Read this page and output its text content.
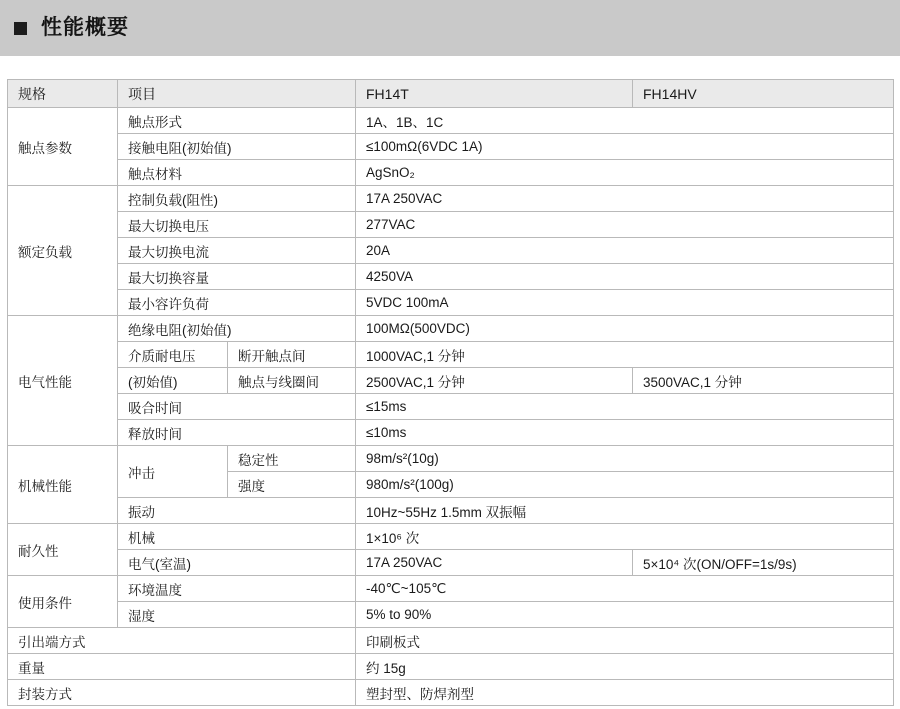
性能概要
规格	项目		FH14T	FH14HV
触点参数	触点形式		1A、1B、1C	
	接触电阻(初始值)		≤100mΩ(6VDC 1A)	
	触点材料		AgSnO₂	
额定负载	控制负载(阻性)		17A 250VAC	
	最大切换电压		277VAC	
	最大切换电流		20A	
	最大切换容量		4250VA	
	最小容许负荷		5VDC 100mA	
电气性能	绝缘电阻(初始值)		100MΩ(500VDC)	
	介质耐电压	断开触点间	1000VAC,1 分钟	
	(初始值)	触点与线圈间	2500VAC,1 分钟	3500VAC,1 分钟
	吸合时间		≤15ms	
	释放时间		≤10ms	
机械性能	冲击	稳定性	98m/s²(10g)	
		强度	980m/s²(100g)	
	振动		10Hz~55Hz 1.5mm 双振幅	
耐久性	机械		1×10⁶ 次	
	电气(室温)		17A 250VAC	5×10⁴ 次(ON/OFF=1s/9s)
使用条件	环境温度		-40℃~105℃	
	湿度		5% to 90%	
引出端方式			印刷板式	
重量			约 15g	
封装方式			塑封型、防焊剂型	
